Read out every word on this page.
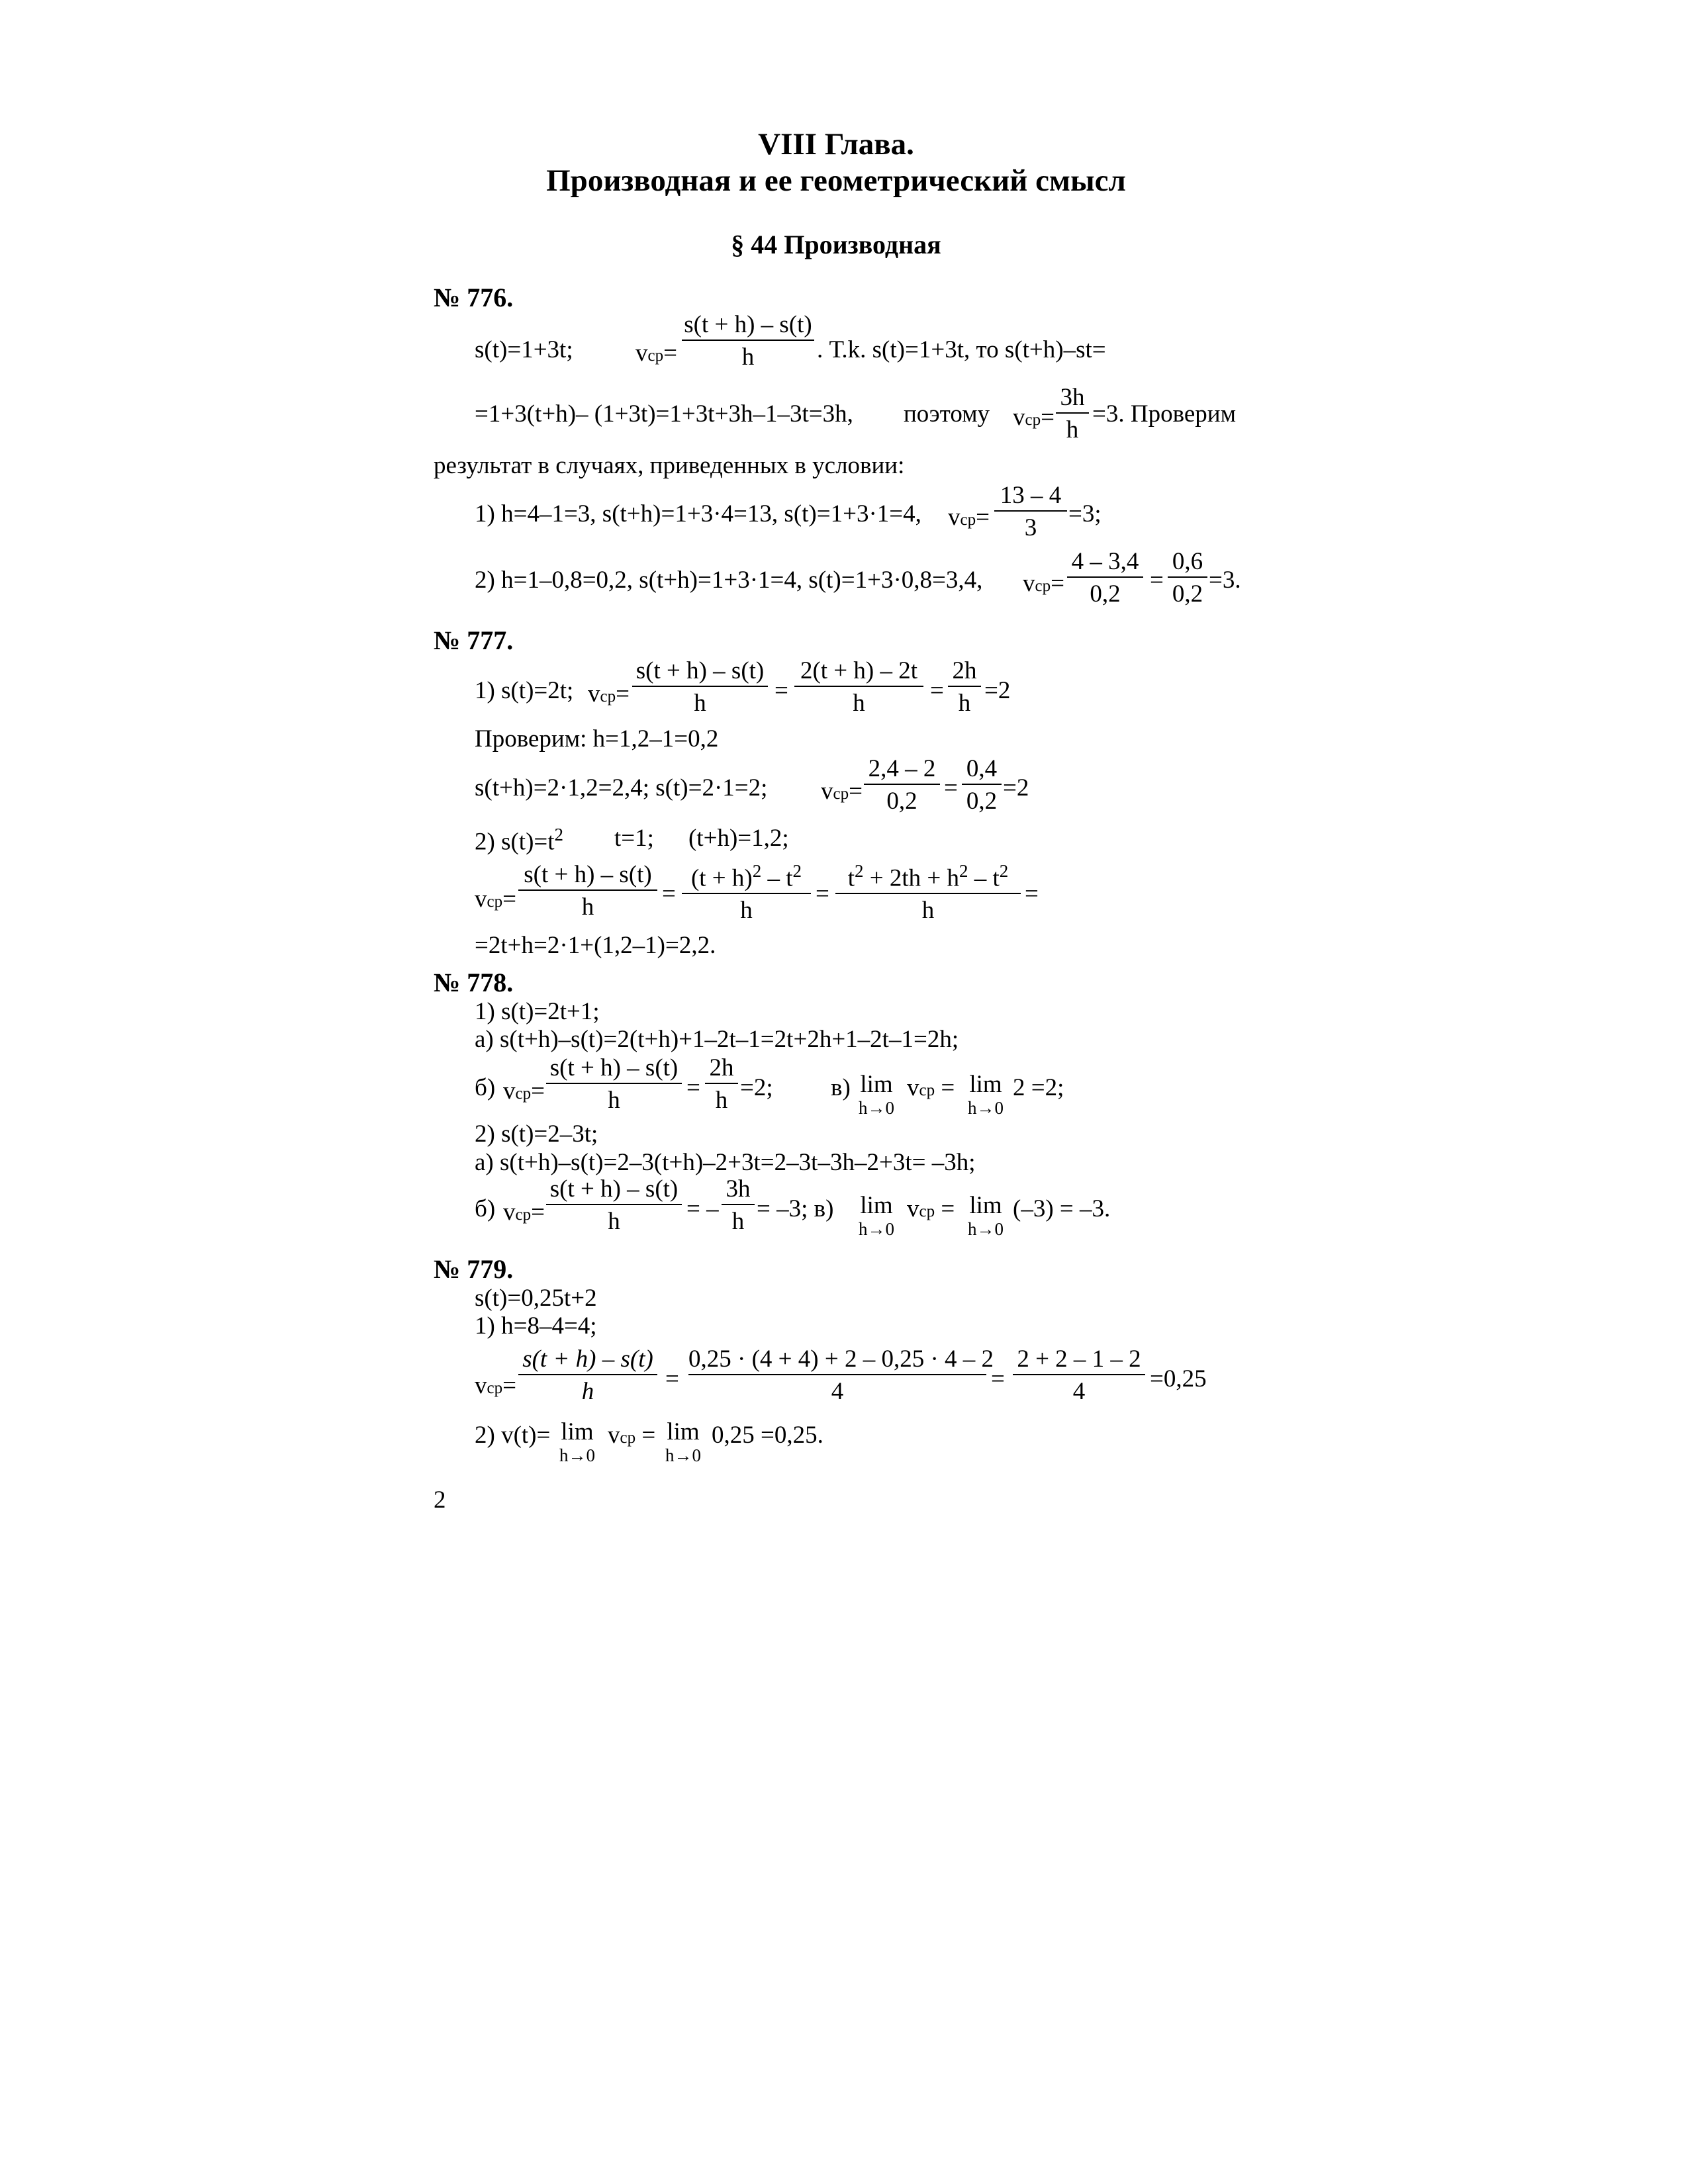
VIII Глава.
Производная и ее геометрический смысл
§ 44 Производная
№ 776.
s(t)=1+3t;	vср=
s(t + h) – s(t)
h	. Т.k. s(t)=1+3t, то s(t+h)–st=
=1+3(t+h)– (1+3t)=1+3t+3h–1–3t=3h, поэтому vср=
3h
h
=3. Проверим
результат в случаях, приведенных в условии:
1) h=4–1=3, s(t+h)=1+3·4=13, s(t)=1+3·1=4, vср=
13 – 4
3
=3;
2) h=1–0,8=0,2, s(t+h)=1+3·1=4, s(t)=1+3·0,8=3,4, vср=
4 – 3,4
0,2
=
0,6
0,2
=3.
№ 777.
1) s(t)=2t; vср=
s(t + h) – s(t)
h	=
2(t + h) – 2t
h	=
2h
h =2
Проверим: h=1,2–1=0,2
s(t+h)=2·1,2=2,4; s(t)=2·1=2; vср=
2,4 – 2
0,2	=
0,4
0,2 =2
2) $s(t)=t^2$ t=1; (t+h)=1,2;
vср=
s(t + h) – s(t)
h	=
$(t + h)^2 - t^2$
h
=
$t^2 + 2th + h^2 - t^2$
h
=
=2t+h=2·1+(1,2–1)=2,2.
№ 778.
1) s(t)=2t+1;
а) s(t+h)–s(t)=2(t+h)+1–2t–1=2t+2h+1–2t–1=2h;
б) vср=
s(t + h) – s(t)
h	=
2h
h =2; в) lim
h→0
vср = lim
h→0
2 =2;
2) s(t)=2–3t;
а) s(t+h)–s(t)=2–3(t+h)–2+3t=2–3t–3h–2+3t= –3h;
б) vср=
s(t + h) – s(t)
h	= –
3h
h = –3; в) lim
h→0
vср = lim
h→0
(–3) = –3.
№ 779.
s(t)=0,25t+2
1) h=8–4=4;
vср=
s(t + h) – s(t)
h	=
0,25 · (4 + 4) + 2 – 0,25 · 4 – 2
4	=
2 + 2 – 1 – 2
4	=0,25
2) v(t)= lim
h→0
vср = lim
h→0
0,25 =0,25.
2
